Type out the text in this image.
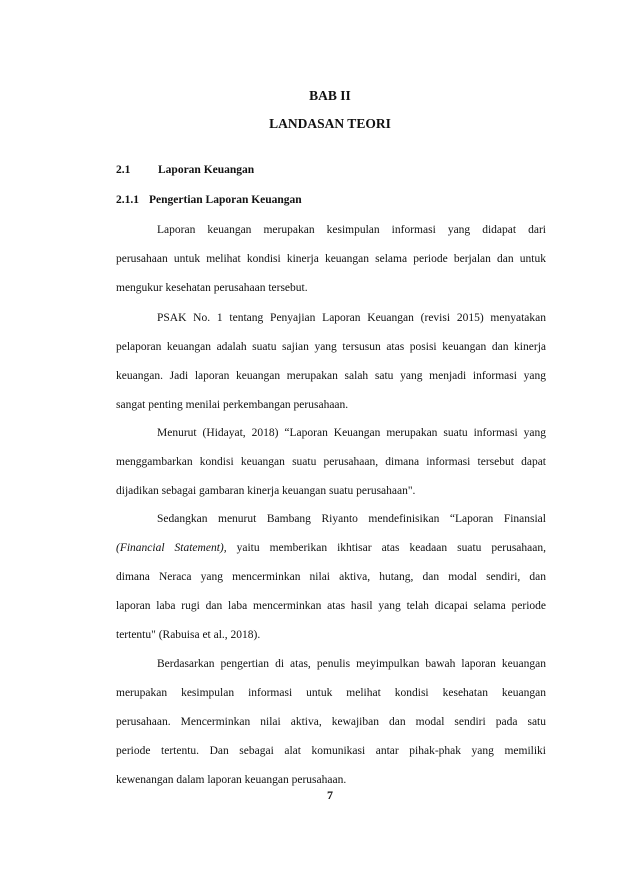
BAB II
LANDASAN TEORI
2.1 Laporan Keuangan
2.1.1 Pengertian Laporan Keuangan
Laporan keuangan merupakan kesimpulan informasi yang didapat dari
perusahaan untuk melihat kondisi kinerja keuangan selama periode berjalan dan untuk
mengukur kesehatan perusahaan tersebut.
PSAK No. 1 tentang Penyajian Laporan Keuangan (revisi 2015) menyatakan
pelaporan keuangan adalah suatu sajian yang tersusun atas posisi keuangan dan kinerja
keuangan. Jadi laporan keuangan merupakan salah satu yang menjadi informasi yang
sangat penting menilai perkembangan perusahaan.
Menurut (Hidayat, 2018) “Laporan Keuangan merupakan suatu informasi yang
menggambarkan kondisi keuangan suatu perusahaan, dimana informasi tersebut dapat
dijadikan sebagai gambaran kinerja keuangan suatu perusahaan".
Sedangkan menurut Bambang Riyanto mendefinisikan “Laporan Finansial
(Financial Statement), yaitu memberikan ikhtisar atas keadaan suatu perusahaan,
dimana Neraca yang mencerminkan nilai aktiva, hutang, dan modal sendiri, dan
laporan laba rugi dan laba mencerminkan atas hasil yang telah dicapai selama periode
tertentu" (Rabuisa et al., 2018).
Berdasarkan pengertian di atas, penulis meyimpulkan bawah laporan keuangan
merupakan kesimpulan informasi untuk melihat kondisi kesehatan keuangan
perusahaan. Mencerminkan nilai aktiva, kewajiban dan modal sendiri pada satu
periode tertentu. Dan sebagai alat komunikasi antar pihak-phak yang memiliki
kewenangan dalam laporan keuangan perusahaan.
7
